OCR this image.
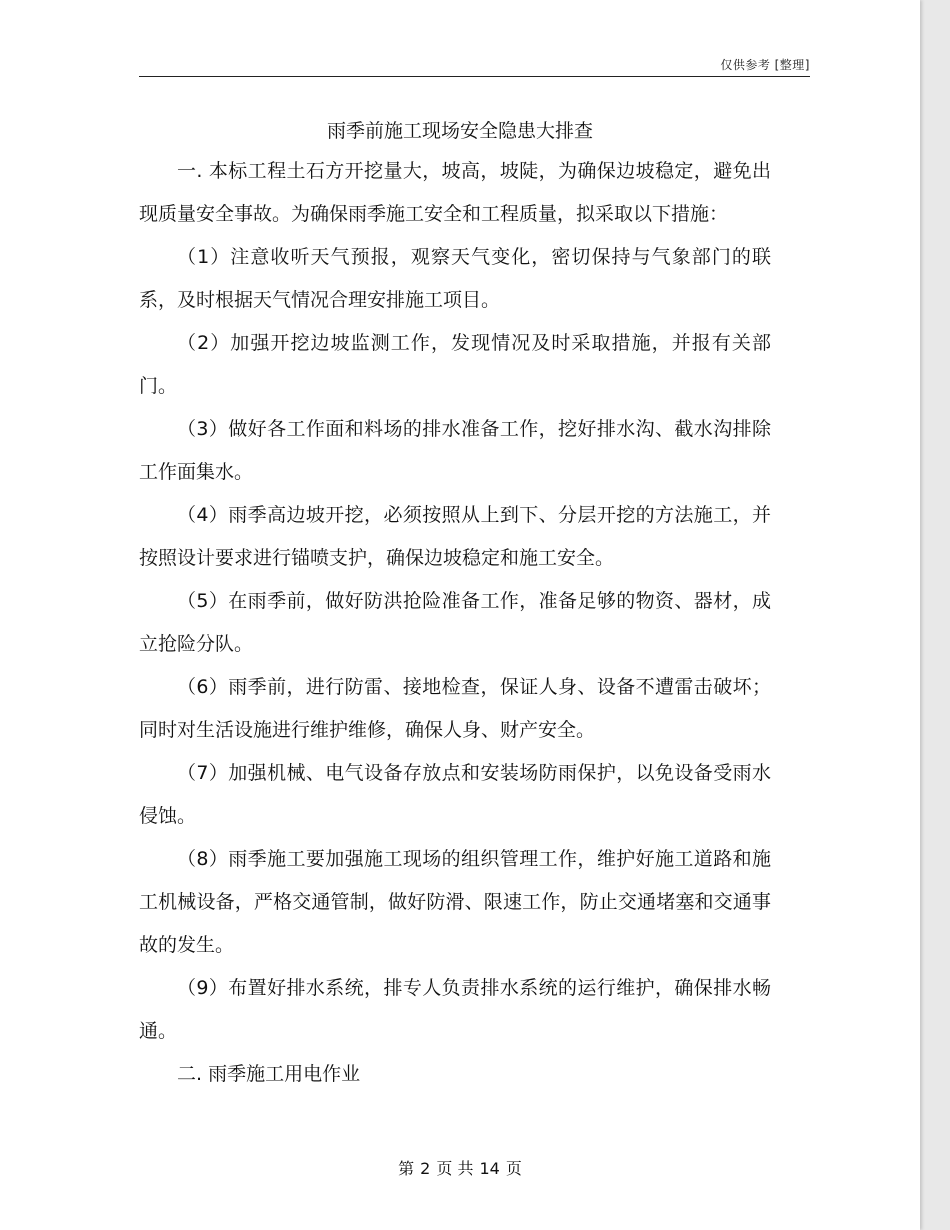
仅供参考 [整理]
雨季前施工现场安全隐患大排查

一. 本标工程土石方开挖量大，坡高，坡陡，为确保边坡稳定，避免出现质量安全事故。为确保雨季施工安全和工程质量，拟采取以下措施：

（1）注意收听天气预报，观察天气变化，密切保持与气象部门的联系，及时根据天气情况合理安排施工项目。

（2）加强开挖边坡监测工作，发现情况及时采取措施，并报有关部门。

（3）做好各工作面和料场的排水准备工作，挖好排水沟、截水沟排除工作面集水。

（4）雨季高边坡开挖，必须按照从上到下、分层开挖的方法施工，并按照设计要求进行锚喷支护，确保边坡稳定和施工安全。

（5）在雨季前，做好防洪抢险准备工作，准备足够的物资、器材，成立抢险分队。

（6）雨季前，进行防雷、接地检查，保证人身、设备不遭雷击破坏；同时对生活设施进行维护维修，确保人身、财产安全。

（7）加强机械、电气设备存放点和安装场防雨保护，以免设备受雨水侵蚀。

（8）雨季施工要加强施工现场的组织管理工作，维护好施工道路和施工机械设备，严格交通管制，做好防滑、限速工作，防止交通堵塞和交通事故的发生。

（9）布置好排水系统，排专人负责排水系统的运行维护，确保排水畅通。

二. 雨季施工用电作业

第 2 页 共 14 页
